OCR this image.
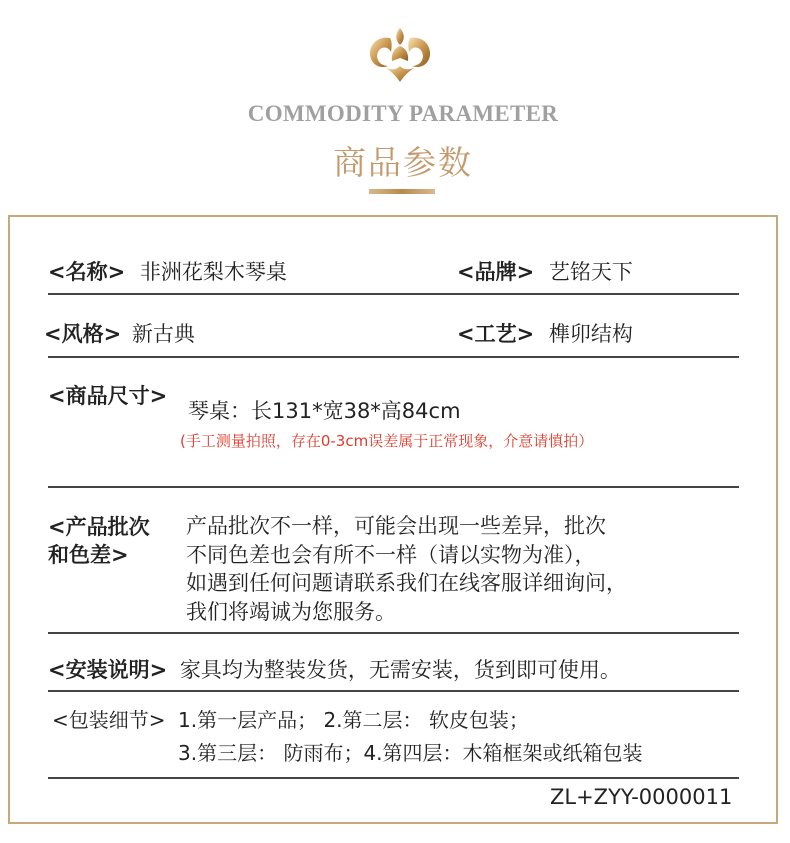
COMMODITY PARAMETER
商品参数
<名称> 非洲花梨木琴桌	<品牌> 艺铭天下
<风格> 新古典	<工艺> 榫卯结构
<商品尺寸>
琴桌：长131*宽38*高84cm
(手工测量拍照，存在0-3cm误差属于正常现象，介意请慎拍）
<产品批次
和色差>
产品批次不一样，可能会出现一些差异，批次
不同色差也会有所不一样（请以实物为准），
如遇到任何问题请联系我们在线客服详细询问，
我们将竭诚为您服务。
<安装说明> 家具均为整装发货，无需安装，货到即可使用。
<包装细节> 1.第一层产品； 2.第二层： 软皮包装；
3.第三层： 防雨布；4.第四层：木箱框架或纸箱包装
ZL+ZYY-0000011
